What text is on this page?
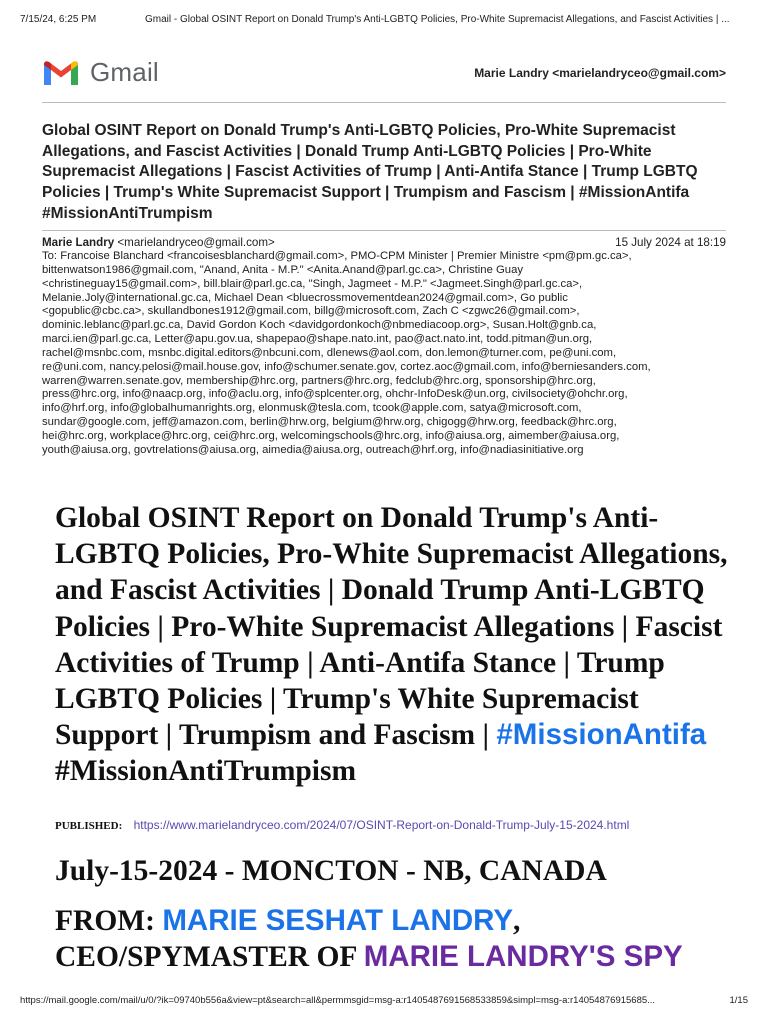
7/15/24, 6:25 PM	Gmail - Global OSINT Report on Donald Trump's Anti-LGBTQ Policies, Pro-White Supremacist Allegations, and Fascist Activities | ...
Gmail	Marie Landry <marielandryceo@gmail.com>
Global OSINT Report on Donald Trump's Anti-LGBTQ Policies, Pro-White Supremacist Allegations, and Fascist Activities | Donald Trump Anti-LGBTQ Policies | Pro-White Supremacist Allegations | Fascist Activities of Trump | Anti-Antifa Stance | Trump LGBTQ Policies | Trump's White Supremacist Support | Trumpism and Fascism | #MissionAntifa #MissionAntiTrumpism
Marie Landry <marielandryceo@gmail.com>	15 July 2024 at 18:19
To: Francoise Blanchard <francoisesblanchard@gmail.com>, PMO-CPM Minister | Premier Ministre <pm@pm.gc.ca>,
bittenwatson1986@gmail.com, "Anand, Anita - M.P." <Anita.Anand@parl.gc.ca>, Christine Guay
<christineguay15@gmail.com>, bill.blair@parl.gc.ca, "Singh, Jagmeet - M.P." <Jagmeet.Singh@parl.gc.ca>,
Melanie.Joly@international.gc.ca, Michael Dean <bluecrossmovementdean2024@gmail.com>, Go public
<gopublic@cbc.ca>, skullandbones1912@gmail.com, billg@microsoft.com, Zach C <zgwc26@gmail.com>,
dominic.leblanc@parl.gc.ca, David Gordon Koch <davidgordonkoch@nbmediacoop.org>, Susan.Holt@gnb.ca,
marci.ien@parl.gc.ca, Letter@apu.gov.ua, shapepao@shape.nato.int, pao@act.nato.int, todd.pitman@un.org,
rachel@msnbc.com, msnbc.digital.editors@nbcuni.com, dlenews@aol.com, don.lemon@turner.com, pe@uni.com,
re@uni.com, nancy.pelosi@mail.house.gov, info@schumer.senate.gov, cortez.aoc@gmail.com, info@berniesanders.com,
warren@warren.senate.gov, membership@hrc.org, partners@hrc.org, fedclub@hrc.org, sponsorship@hrc.org,
press@hrc.org, info@naacp.org, info@aclu.org, info@splcenter.org, ohchr-InfoDesk@un.org, civilsociety@ohchr.org,
info@hrf.org, info@globalhumanrights.org, elonmusk@tesla.com, tcook@apple.com, satya@microsoft.com,
sundar@google.com, jeff@amazon.com, berlin@hrw.org, belgium@hrw.org, chigogg@hrw.org, feedback@hrc.org,
hei@hrc.org, workplace@hrc.org, cei@hrc.org, welcomingschools@hrc.org, info@aiusa.org, aimember@aiusa.org,
youth@aiusa.org, govtrelations@aiusa.org, aimedia@aiusa.org, outreach@hrf.org, info@nadiasinitiative.org
Global OSINT Report on Donald Trump's Anti-LGBTQ Policies, Pro-White Supremacist Allegations, and Fascist Activities | Donald Trump Anti-LGBTQ Policies | Pro-White Supremacist Allegations | Fascist Activities of Trump | Anti-Antifa Stance | Trump LGBTQ Policies | Trump's White Supremacist Support | Trumpism and Fascism | #MissionAntifa #MissionAntiTrumpism
PUBLISHED: https://www.marielandryceo.com/2024/07/OSINT-Report-on-Donald-Trump-July-15-2024.html
July-15-2024 - MONCTON - NB, CANADA
FROM: MARIE SESHAT LANDRY,
CEO/SPYMASTER OF MARIE LANDRY'S SPY
https://mail.google.com/mail/u/0/?ik=09740b556a&view=pt&search=all&permmsgid=msg-a:r1405487691568533859&simpl=msg-a:r14054876915685...	1/15
